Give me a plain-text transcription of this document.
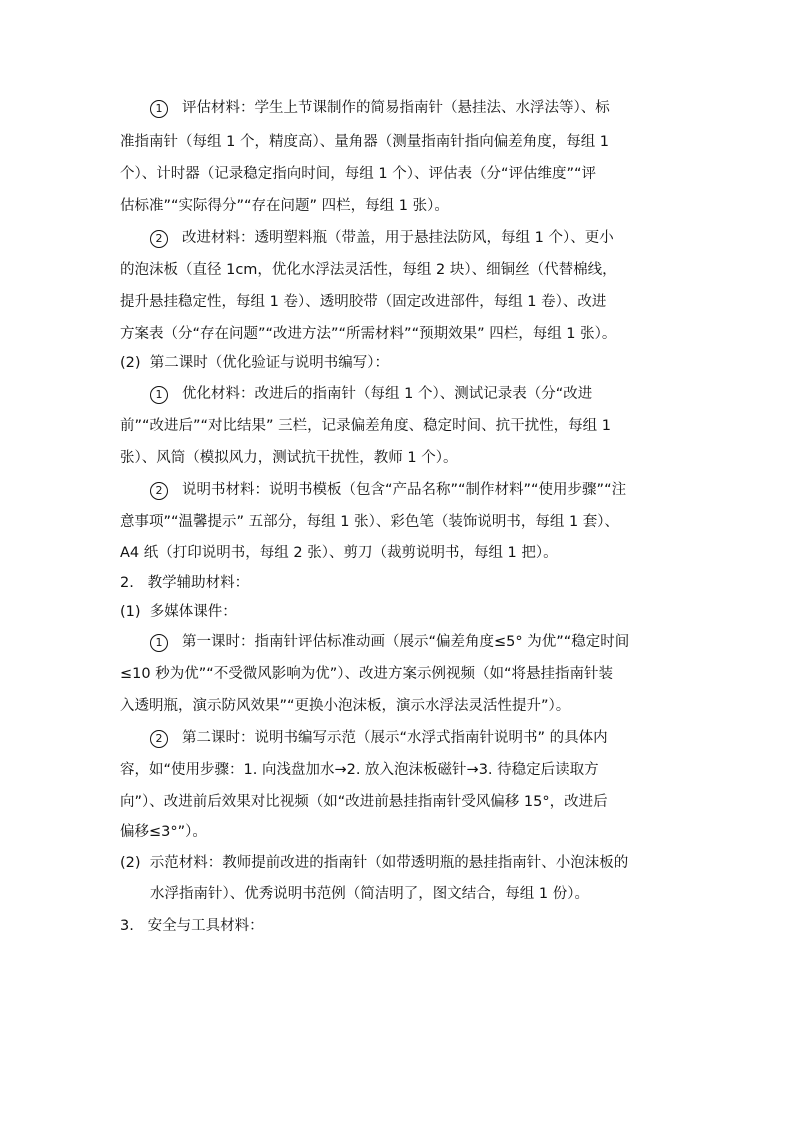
1 评估材料：学生上节课制作的简易指南针（悬挂法、水浮法等）、标
准指南针（每组 1 个，精度高）、量角器（测量指南针指向偏差角度，每组 1
个）、计时器（记录稳定指向时间，每组 1 个）、评估表（分“评估维度”“评
估标准”“实际得分”“存在问题” 四栏，每组 1 张）。
2 改进材料：透明塑料瓶（带盖，用于悬挂法防风，每组 1 个）、更小
的泡沫板（直径 1cm，优化水浮法灵活性，每组 2 块）、细铜丝（代替棉线，
提升悬挂稳定性，每组 1 卷）、透明胶带（固定改进部件，每组 1 卷）、改进
方案表（分“存在问题”“改进方法”“所需材料”“预期效果” 四栏，每组 1 张）。
(2)  第二课时（优化验证与说明书编写）：
1 优化材料：改进后的指南针（每组 1 个）、测试记录表（分“改进
前”“改进后”“对比结果” 三栏，记录偏差角度、稳定时间、抗干扰性，每组 1
张）、风筒（模拟风力，测试抗干扰性，教师 1 个）。
2 说明书材料：说明书模板（包含“产品名称”“制作材料”“使用步骤”“注
意事项”“温馨提示” 五部分，每组 1 张）、彩色笔（装饰说明书，每组 1 套）、
A4 纸（打印说明书，每组 2 张）、剪刀（裁剪说明书，每组 1 把）。
2.   教学辅助材料：
(1)  多媒体课件：
1 第一课时：指南针评估标准动画（展示“偏差角度≤5° 为优”“稳定时间
≤10 秒为优”“不受微风影响为优”）、改进方案示例视频（如“将悬挂指南针装
入透明瓶，演示防风效果”“更换小泡沫板，演示水浮法灵活性提升”）。
2 第二课时：说明书编写示范（展示“水浮式指南针说明书” 的具体内
容，如“使用步骤：1. 向浅盘加水→2. 放入泡沫板磁针→3. 待稳定后读取方
向”）、改进前后效果对比视频（如“改进前悬挂指南针受风偏移 15°，改进后
偏移≤3°”）。
(2)  示范材料：教师提前改进的指南针（如带透明瓶的悬挂指南针、小泡沫板的
水浮指南针）、优秀说明书范例（简洁明了，图文结合，每组 1 份）。
3.   安全与工具材料：
